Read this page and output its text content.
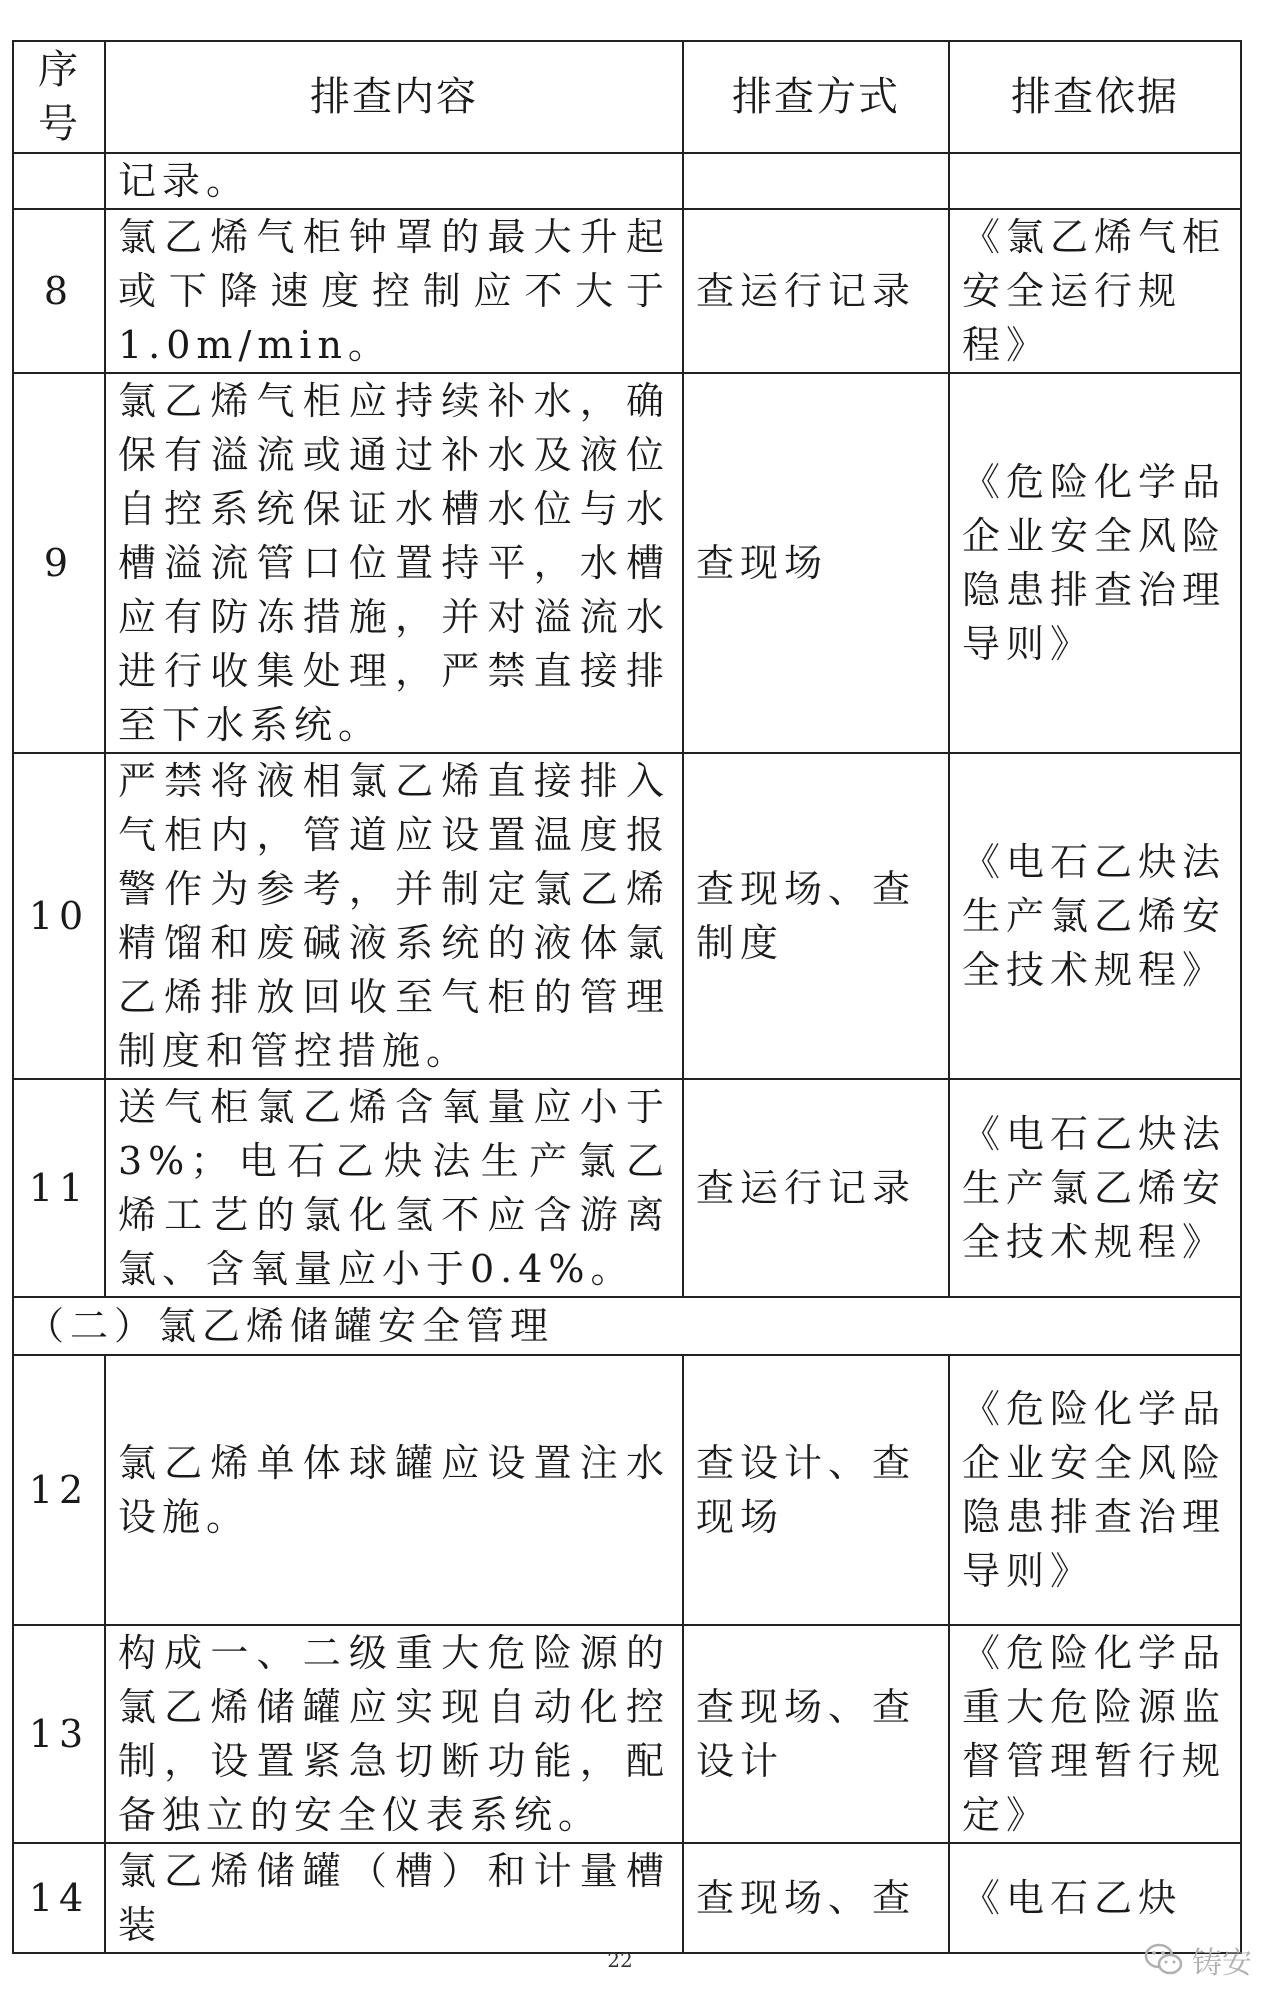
序号	排查内容	排查方式	排查依据
	记录。		
8	氯乙烯气柜钟罩的最大升起或下降速度控制应不大于1.0m/min。	查运行记录	《氯乙烯气柜安全运行规程》
9	氯乙烯气柜应持续补水，确保有溢流或通过补水及液位自控系统保证水槽水位与水槽溢流管口位置持平，水槽应有防冻措施，并对溢流水进行收集处理，严禁直接排至下水系统。	查现场	《危险化学品企业安全风险隐患排查治理导则》
10	严禁将液相氯乙烯直接排入气柜内，管道应设置温度报警作为参考，并制定氯乙烯精馏和废碱液系统的液体氯乙烯排放回收至气柜的管理制度和管控措施。	查现场、查制度	《电石乙炔法生产氯乙烯安全技术规程》
11	送气柜氯乙烯含氧量应小于3%；电石乙炔法生产氯乙烯工艺的氯化氢不应含游离氯、含氧量应小于0.4%。	查运行记录	《电石乙炔法生产氯乙烯安全技术规程》
（二）氯乙烯储罐安全管理			
12	氯乙烯单体球罐应设置注水设施。	查设计、查现场	《危险化学品企业安全风险隐患排查治理导则》
13	构成一、二级重大危险源的氯乙烯储罐应实现自动化控制，设置紧急切断功能，配备独立的安全仪表系统。	查现场、查设计	《危险化学品重大危险源监督管理暂行规定》
14	氯乙烯储罐（槽）和计量槽装	查现场、查	《电石乙炔
22	铸安
